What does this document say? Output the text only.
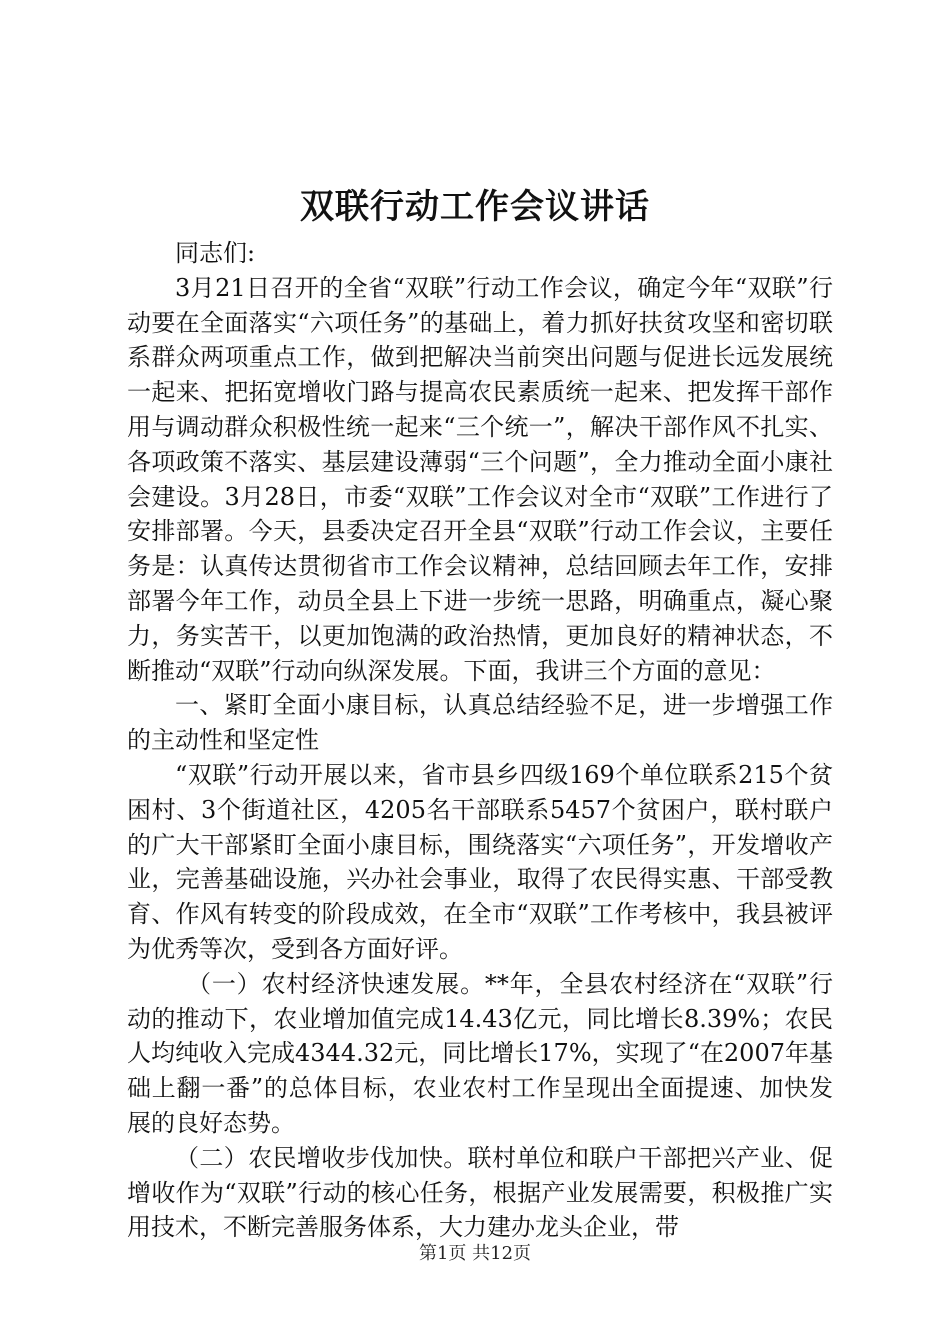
双联行动工作会议讲话

同志们:

3月21日召开的全省“双联”行动工作会议，确定今年“双联”行动要在全面落实“六项任务”的基础上，着力抓好扶贫攻坚和密切联系群众两项重点工作，做到把解决当前突出问题与促进长远发展统一起来、把拓宽增收门路与提高农民素质统一起来、把发挥干部作用与调动群众积极性统一起来“三个统一”，解决干部作风不扎实、各项政策不落实、基层建设薄弱“三个问题”，全力推动全面小康社会建设。3月28日，市委“双联”工作会议对全市“双联”工作进行了安排部署。今天，县委决定召开全县“双联”行动工作会议，主要任务是：认真传达贯彻省市工作会议精神，总结回顾去年工作，安排部署今年工作，动员全县上下进一步统一思路，明确重点，凝心聚力，务实苦干，以更加饱满的政治热情，更加良好的精神状态，不断推动“双联”行动向纵深发展。下面，我讲三个方面的意见：

一、紧盯全面小康目标，认真总结经验不足，进一步增强工作的主动性和坚定性

“双联”行动开展以来，省市县乡四级169个单位联系215个贫困村、3个街道社区，4205名干部联系5457个贫困户，联村联户的广大干部紧盯全面小康目标，围绕落实“六项任务”，开发增收产业，完善基础设施，兴办社会事业，取得了农民得实惠、干部受教育、作风有转变的阶段成效，在全市“双联”工作考核中，我县被评为优秀等次，受到各方面好评。

（一）农村经济快速发展。**年，全县农村经济在“双联”行动的推动下，农业增加值完成14.43亿元，同比增长8.39%；农民人均纯收入完成4344.32元，同比增长17%，实现了“在2007年基础上翻一番”的总体目标，农业农村工作呈现出全面提速、加快发展的良好态势。

（二）农民增收步伐加快。联村单位和联户干部把兴产业、促增收作为“双联”行动的核心任务，根据产业发展需要，积极推广实用技术，不断完善服务体系，大力建办龙头企业，带

第1页 共12页
